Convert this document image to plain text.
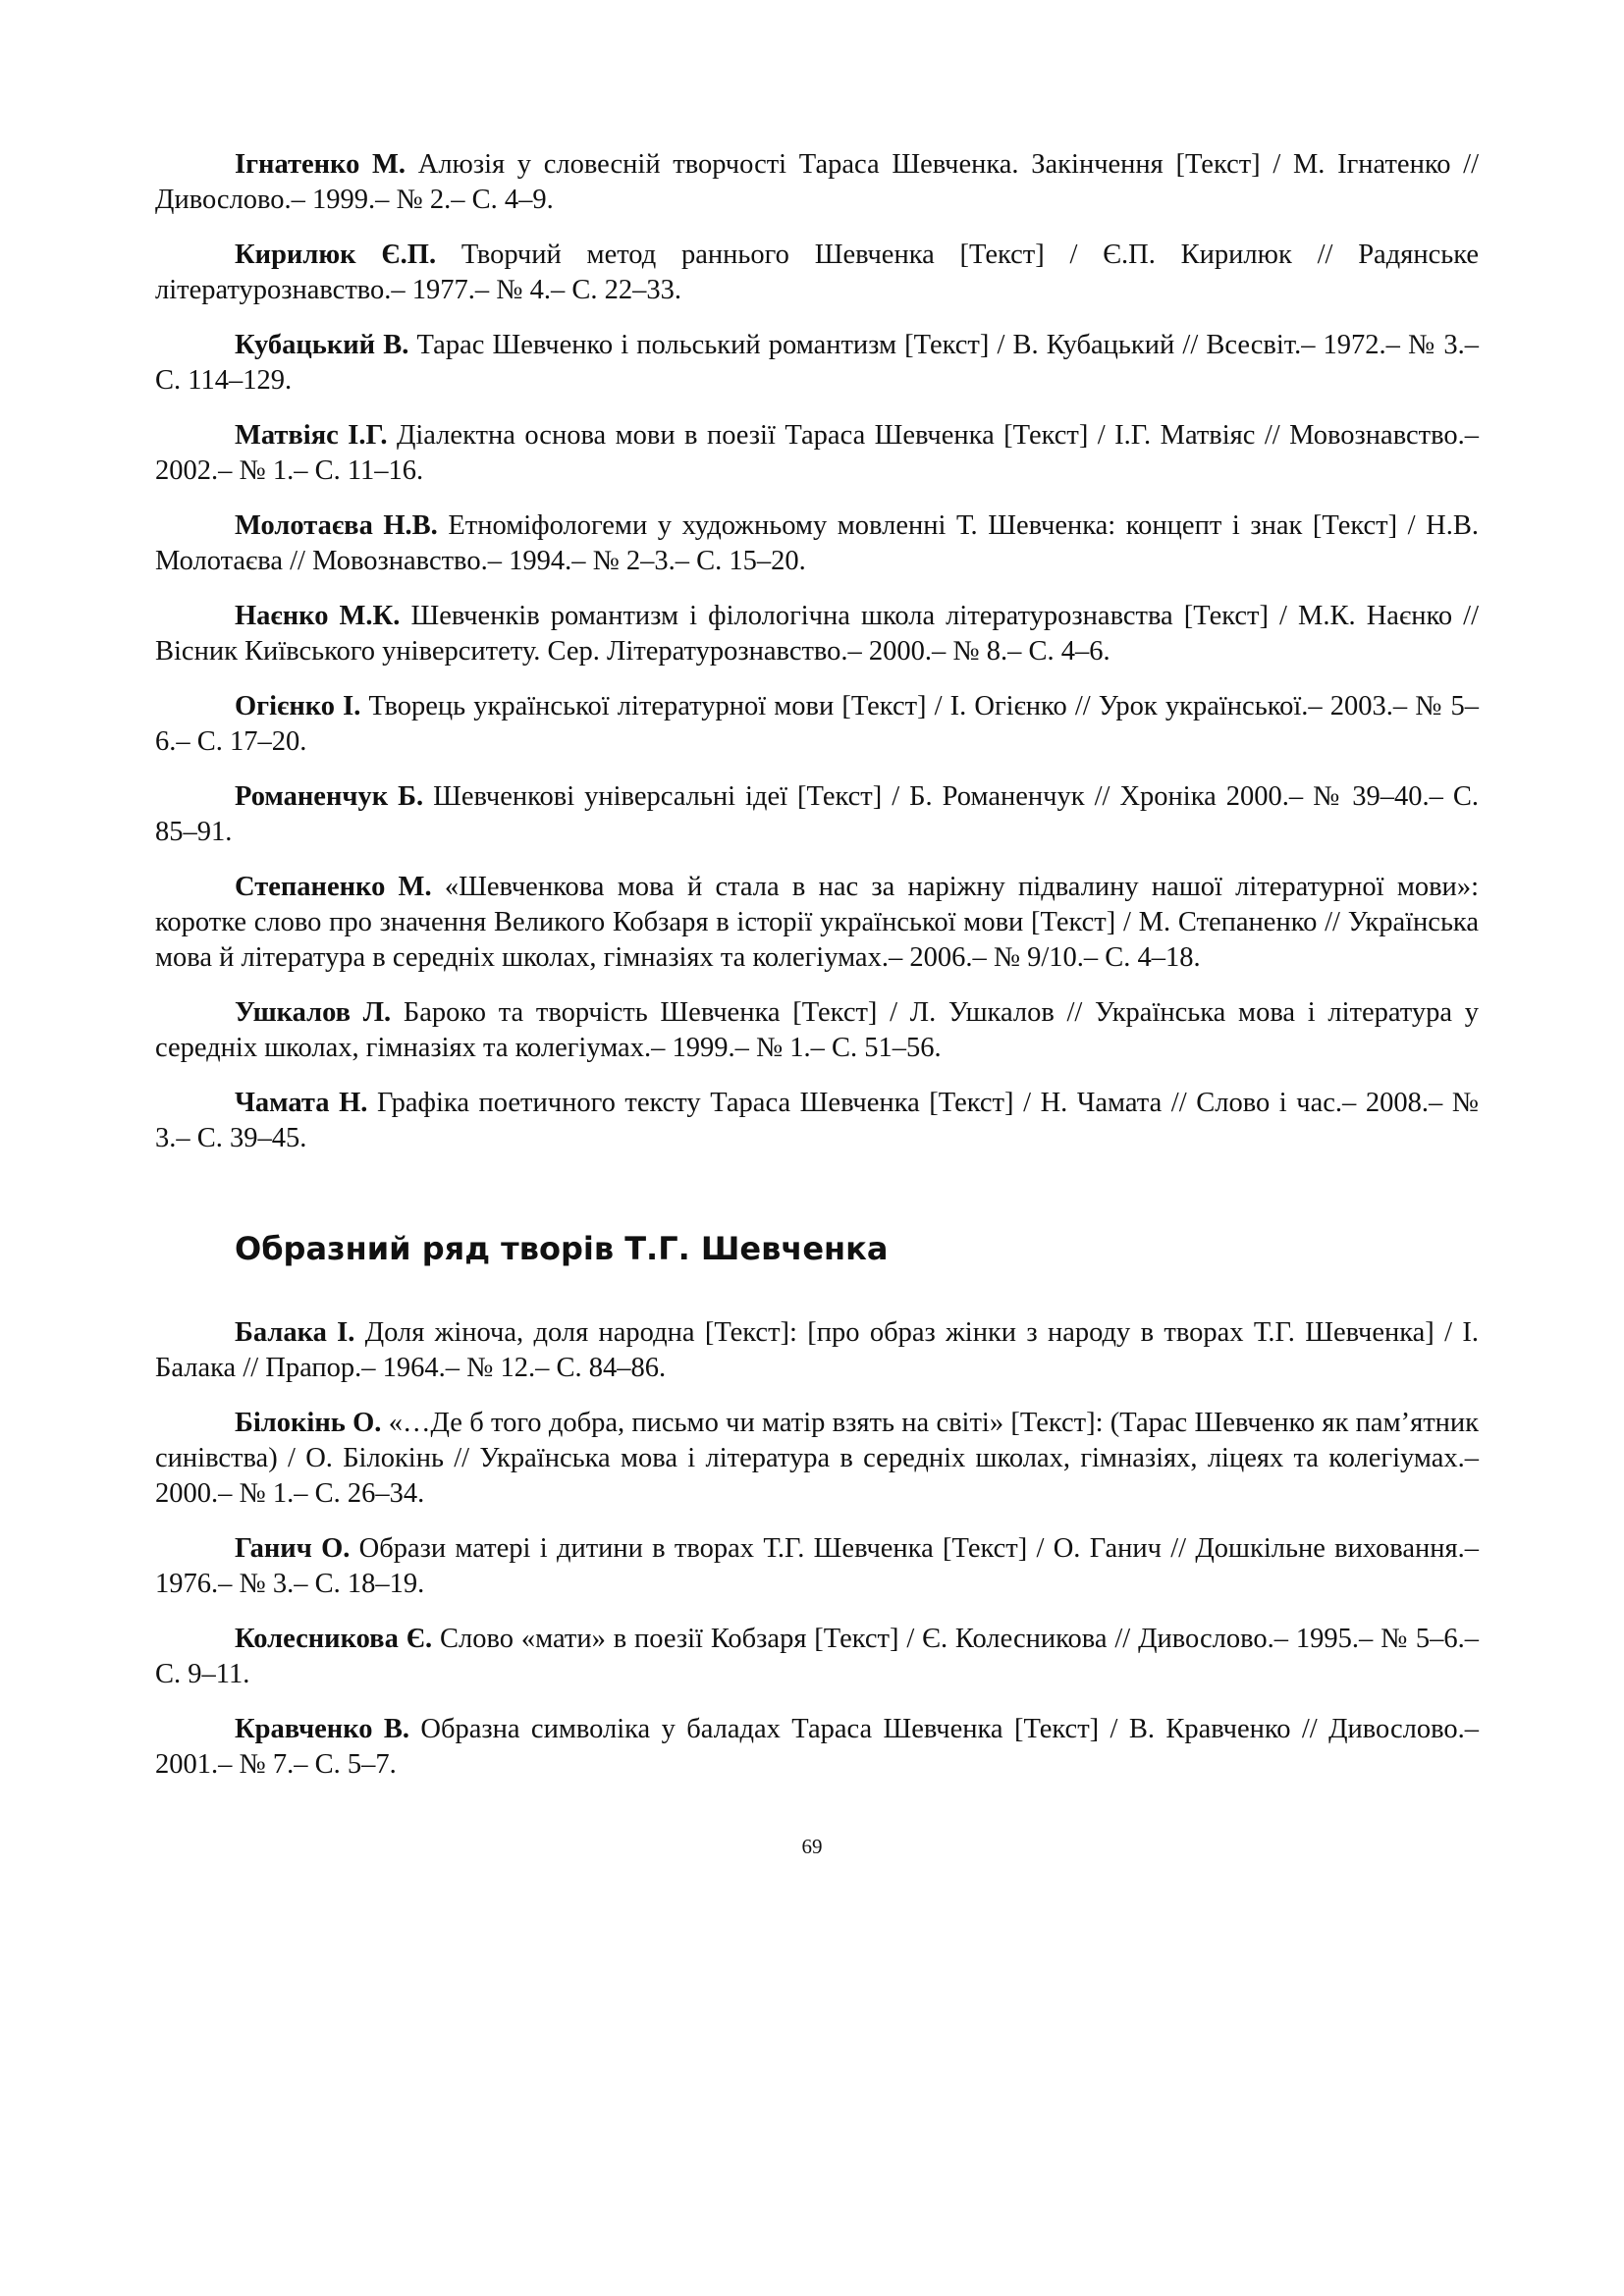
Ігнатенко М. Алюзія у словесній творчості Тараса Шевченка. Закінчення [Текст] / М. Ігнатенко // Дивослово.– 1999.– № 2.– С. 4–9.

Кирилюк Є.П. Творчий метод раннього Шевченка [Текст] / Є.П. Кирилюк // Радянське літературознавство.– 1977.– № 4.– С. 22–33.

Кубацький В. Тарас Шевченко і польський романтизм [Текст] / В. Кубацький // Всесвіт.– 1972.– № 3.– С. 114–129.

Матвіяс І.Г. Діалектна основа мови в поезії Тараса Шевченка [Текст] / І.Г. Матвіяс // Мовознавство.– 2002.– № 1.– С. 11–16.

Молотаєва Н.В. Етноміфологеми у художньому мовленні Т. Шевченка: концепт і знак [Текст] / Н.В. Молотаєва // Мовознавство.– 1994.– № 2–3.– С. 15–20.

Наєнко М.К. Шевченків романтизм і філологічна школа літературознавства [Текст] / М.К. Наєнко // Вісник Київського університету. Сер. Літературознавство.– 2000.– № 8.– С. 4–6.

Огієнко І. Творець української літературної мови [Текст] / І. Огієнко // Урок української.– 2003.– № 5–6.– С. 17–20.

Романенчук Б. Шевченкові універсальні ідеї [Текст] / Б. Романенчук // Хроніка 2000.– № 39–40.– С. 85–91.

Степаненко М. «Шевченкова мова й стала в нас за наріжну підвалину нашої літературної мови»: коротке слово про значення Великого Кобзаря в історії української мови [Текст] / М. Степаненко // Українська мова й література в середніх школах, гімназіях та колегіумах.– 2006.– № 9/10.– С. 4–18.

Ушкалов Л. Бароко та творчість Шевченка [Текст] / Л. Ушкалов // Українська мова і література у середніх школах, гімназіях та колегіумах.– 1999.– № 1.– С. 51–56.

Чамата Н. Графіка поетичного тексту Тараса Шевченка [Текст] / Н. Чамата // Слово і час.– 2008.– № 3.– С. 39–45.

Образний ряд творів Т.Г. Шевченка

Балака І. Доля жіноча, доля народна [Текст]: [про образ жінки з народу в творах Т.Г. Шевченка] / І. Балака // Прапор.– 1964.– № 12.– С. 84–86.

Білокінь О. «…Де б того добра, письмо чи матір взять на світі» [Текст]: (Тарас Шевченко як пам’ятник синівства) / О. Білокінь // Українська мова і література в середніх школах, гімназіях, ліцеях та колегіумах.– 2000.– № 1.– С. 26–34.

Ганич О. Образи матері і дитини в творах Т.Г. Шевченка [Текст] / О. Ганич // Дошкільне виховання.– 1976.– № 3.– С. 18–19.

Колесникова Є. Слово «мати» в поезії Кобзаря [Текст] / Є. Колесникова // Дивослово.– 1995.– № 5–6.– С. 9–11.

Кравченко В. Образна символіка у баладах Тараса Шевченка [Текст] / В. Кравченко // Дивослово.– 2001.– № 7.– С. 5–7.

69
